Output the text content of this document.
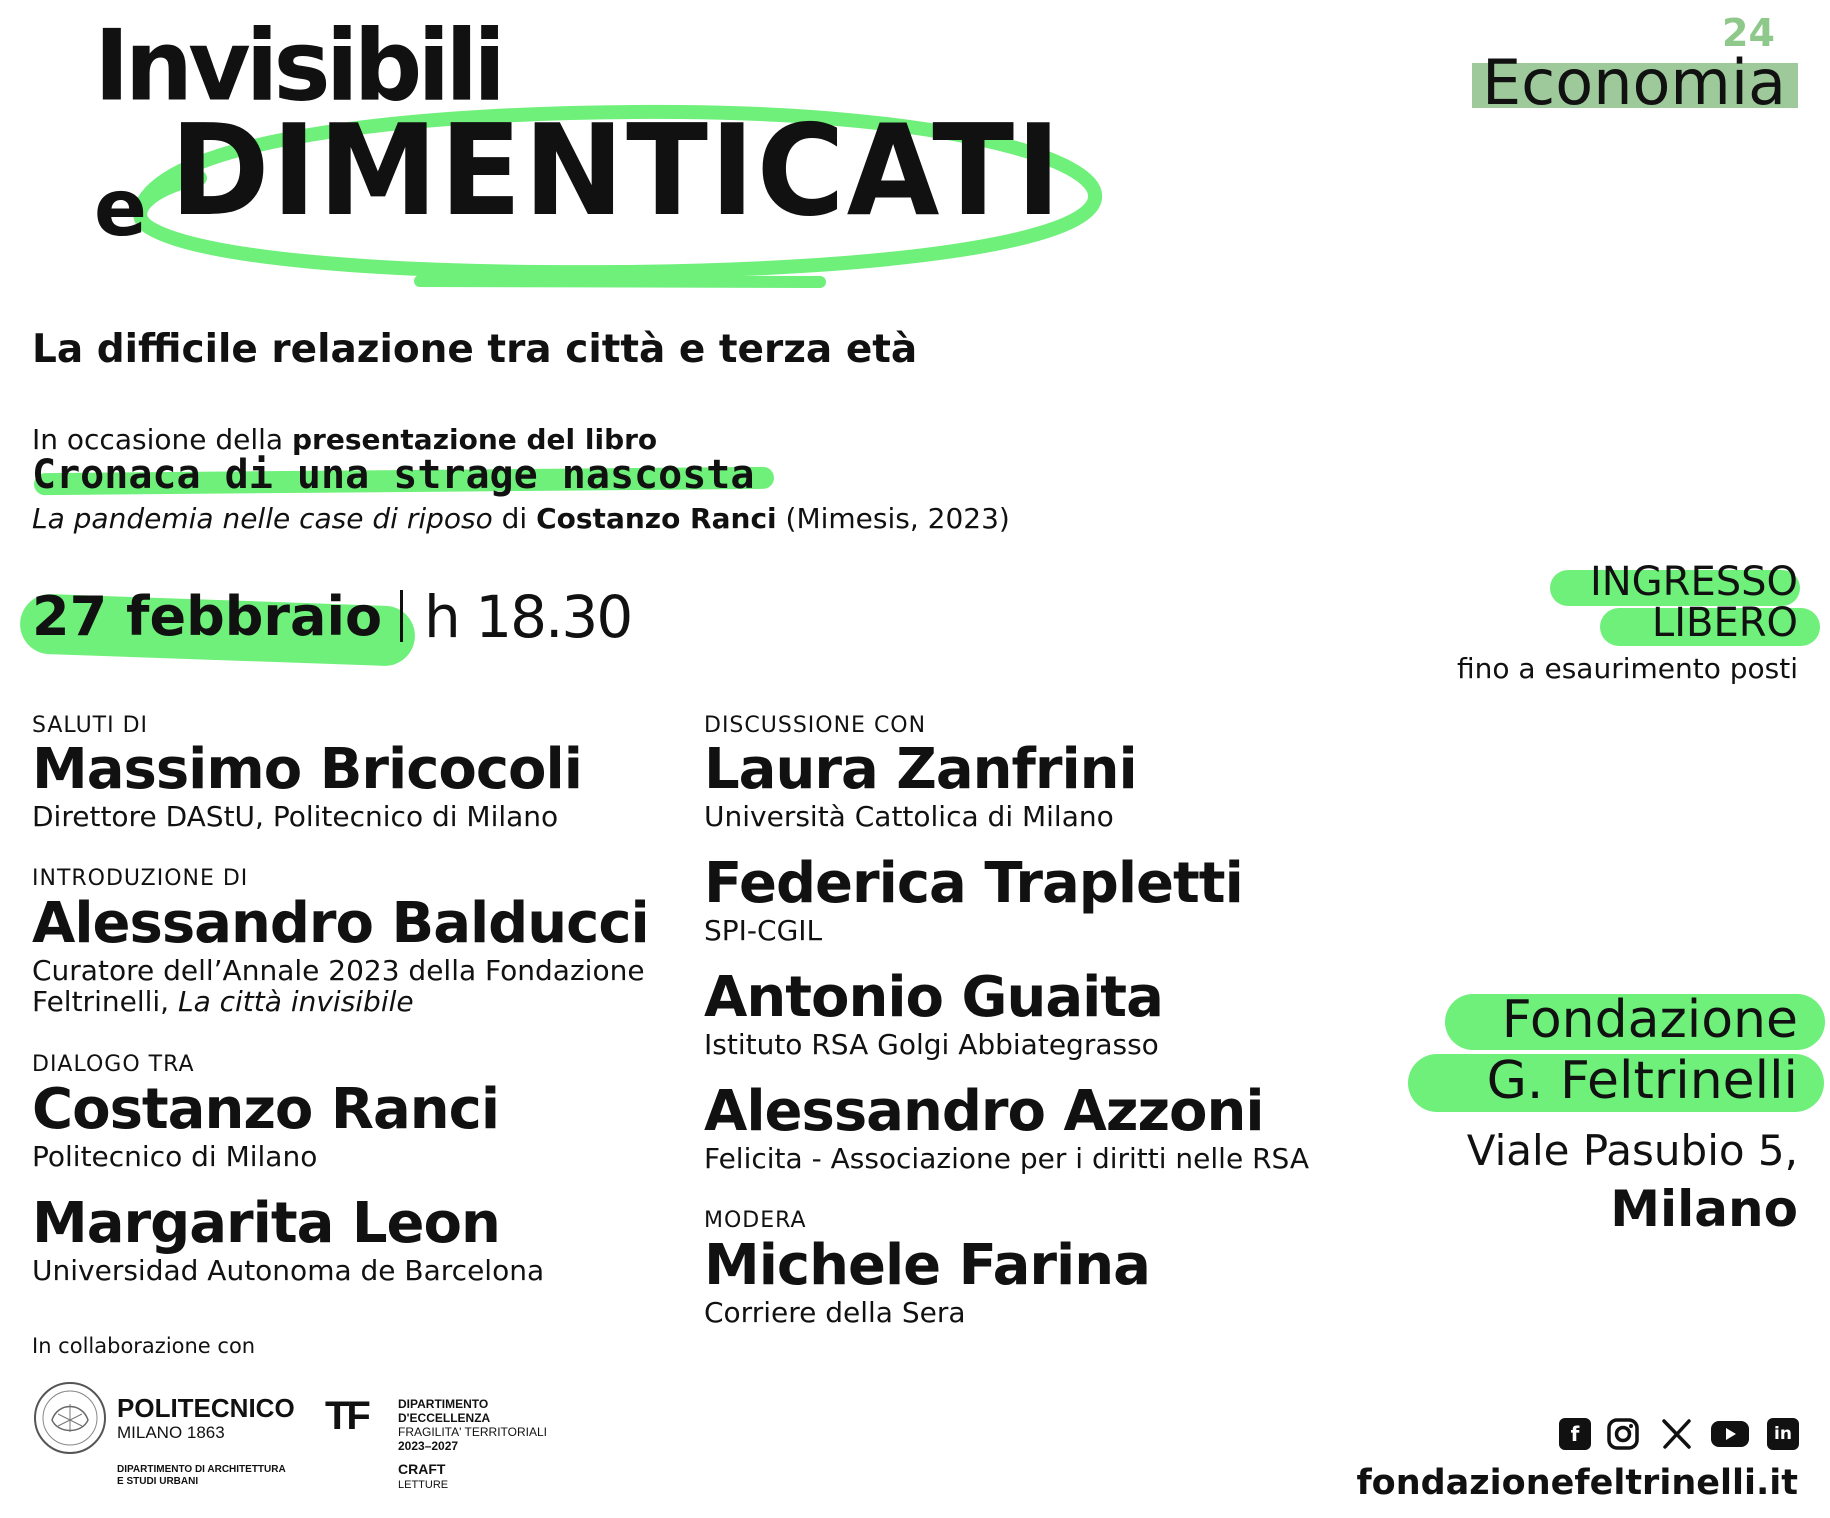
Invisibili
e DIMENTICATI
24
Economia
La difficile relazione tra città e terza età
In occasione della presentazione del libro
Cronaca di una strage nascosta
La pandemia nelle case di riposo di Costanzo Ranci (Mimesis, 2023)
27 febbraio h 18.30
INGRESSO
LIBERO
fino a esaurimento posti
SALUTI DI
Massimo Bricocoli
Direttore DAStU, Politecnico di Milano
INTRODUZIONE DI
Alessandro Balducci
Curatore dell’Annale 2023 della Fondazione
Feltrinelli, La città invisibile
DIALOGO TRA
Costanzo Ranci
Politecnico di Milano
Margarita Leon
Universidad Autonoma de Barcelona
DISCUSSIONE CON
Laura Zanfrini
Università Cattolica di Milano
Federica Trapletti
SPI-CGIL
Antonio Guaita
Istituto RSA Golgi Abbiategrasso
Alessandro Azzoni
Felicita - Associazione per i diritti nelle RSA
MODERA
Michele Farina
Corriere della Sera
Fondazione
G. Feltrinelli
Viale Pasubio 5,
Milano
In collaborazione con
POLITECNICO
MILANO 1863
DIPARTIMENTO DI ARCHITETTURA
E STUDI URBANI
TF	DIPARTIMENTO
D'ECCELLENZA
FRAGILITA' TERRITORIALI
2023–2027
CRAFT
LETTURE
f	in
fondazionefeltrinelli.it
